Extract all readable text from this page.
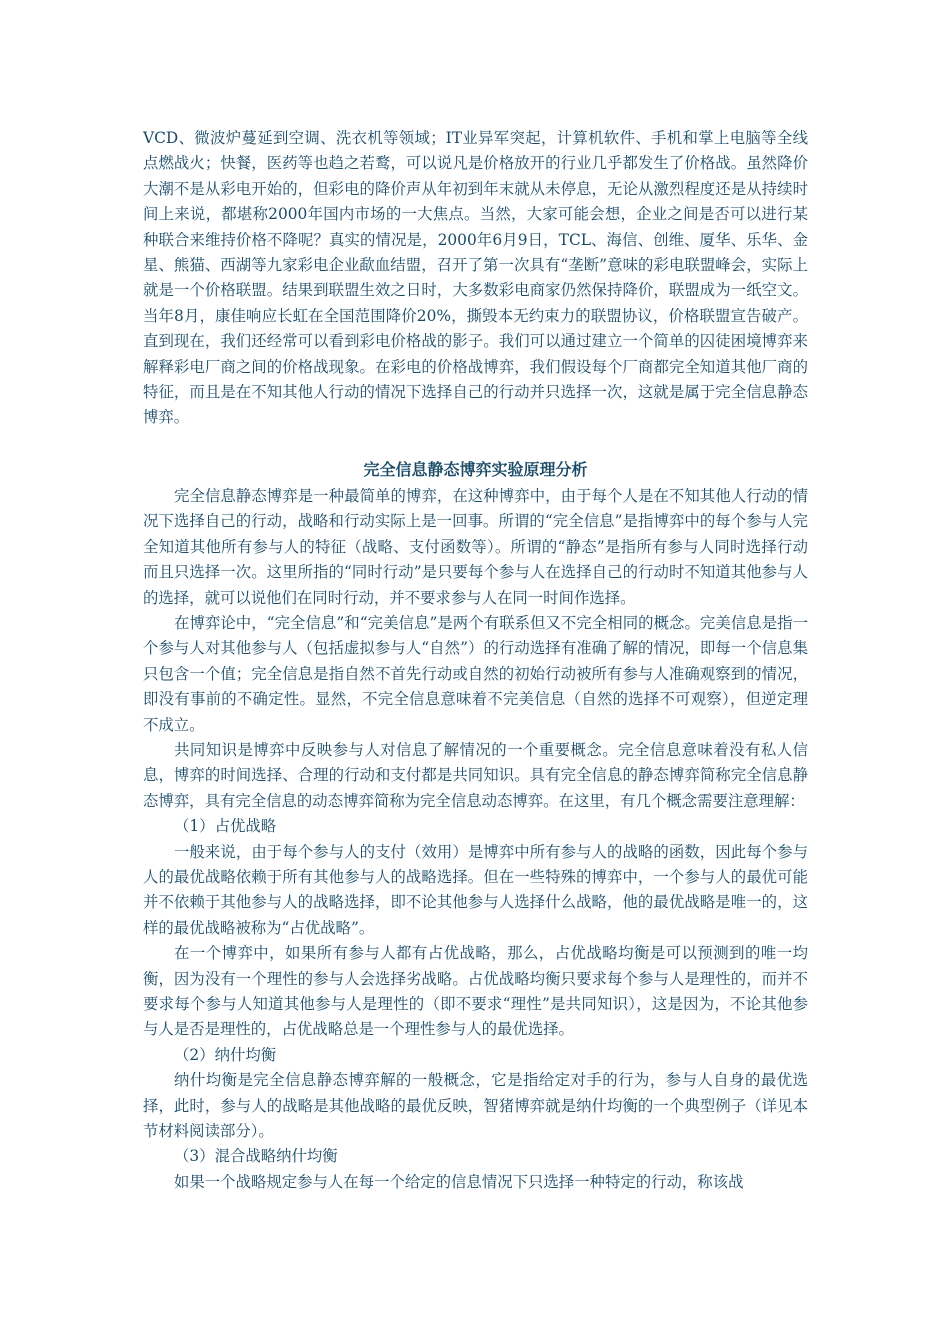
VCD、微波炉蔓延到空调、洗衣机等领域；IT业异军突起，计算机软件、手机和掌上电脑等全线点燃战火；快餐，医药等也趋之若鹜，可以说凡是价格放开的行业几乎都发生了价格战。虽然降价大潮不是从彩电开始的，但彩电的降价声从年初到年末就从未停息，无论从激烈程度还是从持续时间上来说，都堪称2000年国内市场的一大焦点。当然，大家可能会想，企业之间是否可以进行某种联合来维持价格不降呢？真实的情况是，2000年6月9日，TCL、海信、创维、厦华、乐华、金星、熊猫、西湖等九家彩电企业歃血结盟，召开了第一次具有“垄断”意味的彩电联盟峰会，实际上就是一个价格联盟。结果到联盟生效之日时，大多数彩电商家仍然保持降价，联盟成为一纸空文。当年8月，康佳响应长虹在全国范围降价20%，撕毁本无约束力的联盟协议，价格联盟宣告破产。直到现在，我们还经常可以看到彩电价格战的影子。我们可以通过建立一个简单的囚徒困境博弈来解释彩电厂商之间的价格战现象。在彩电的价格战博弈，我们假设每个厂商都完全知道其他厂商的特征，而且是在不知其他人行动的情况下选择自己的行动并只选择一次，这就是属于完全信息静态博弈。

完全信息静态博弈实验原理分析

完全信息静态博弈是一种最简单的博弈，在这种博弈中，由于每个人是在不知其他人行动的情况下选择自己的行动，战略和行动实际上是一回事。所谓的“完全信息”是指博弈中的每个参与人完全知道其他所有参与人的特征（战略、支付函数等）。所谓的“静态”是指所有参与人同时选择行动而且只选择一次。这里所指的“同时行动”是只要每个参与人在选择自己的行动时不知道其他参与人的选择，就可以说他们在同时行动，并不要求参与人在同一时间作选择。

在博弈论中，“完全信息”和“完美信息”是两个有联系但又不完全相同的概念。完美信息是指一个参与人对其他参与人（包括虚拟参与人“自然”）的行动选择有准确了解的情况，即每一个信息集只包含一个值；完全信息是指自然不首先行动或自然的初始行动被所有参与人准确观察到的情况，即没有事前的不确定性。显然，不完全信息意味着不完美信息（自然的选择不可观察），但逆定理不成立。

共同知识是博弈中反映参与人对信息了解情况的一个重要概念。完全信息意味着没有私人信息，博弈的时间选择、合理的行动和支付都是共同知识。具有完全信息的静态博弈简称完全信息静态博弈，具有完全信息的动态博弈简称为完全信息动态博弈。在这里，有几个概念需要注意理解：

（1）占优战略

一般来说，由于每个参与人的支付（效用）是博弈中所有参与人的战略的函数，因此每个参与人的最优战略依赖于所有其他参与人的战略选择。但在一些特殊的博弈中，一个参与人的最优可能并不依赖于其他参与人的战略选择，即不论其他参与人选择什么战略，他的最优战略是唯一的，这样的最优战略被称为“占优战略”。

在一个博弈中，如果所有参与人都有占优战略，那么，占优战略均衡是可以预测到的唯一均衡，因为没有一个理性的参与人会选择劣战略。占优战略均衡只要求每个参与人是理性的，而并不要求每个参与人知道其他参与人是理性的（即不要求“理性”是共同知识），这是因为，不论其他参与人是否是理性的，占优战略总是一个理性参与人的最优选择。

（2）纳什均衡

纳什均衡是完全信息静态博弈解的一般概念，它是指给定对手的行为，参与人自身的最优选择，此时，参与人的战略是其他战略的最优反映，智猪博弈就是纳什均衡的一个典型例子（详见本节材料阅读部分）。

（3）混合战略纳什均衡

如果一个战略规定参与人在每一个给定的信息情况下只选择一种特定的行动，称该战
